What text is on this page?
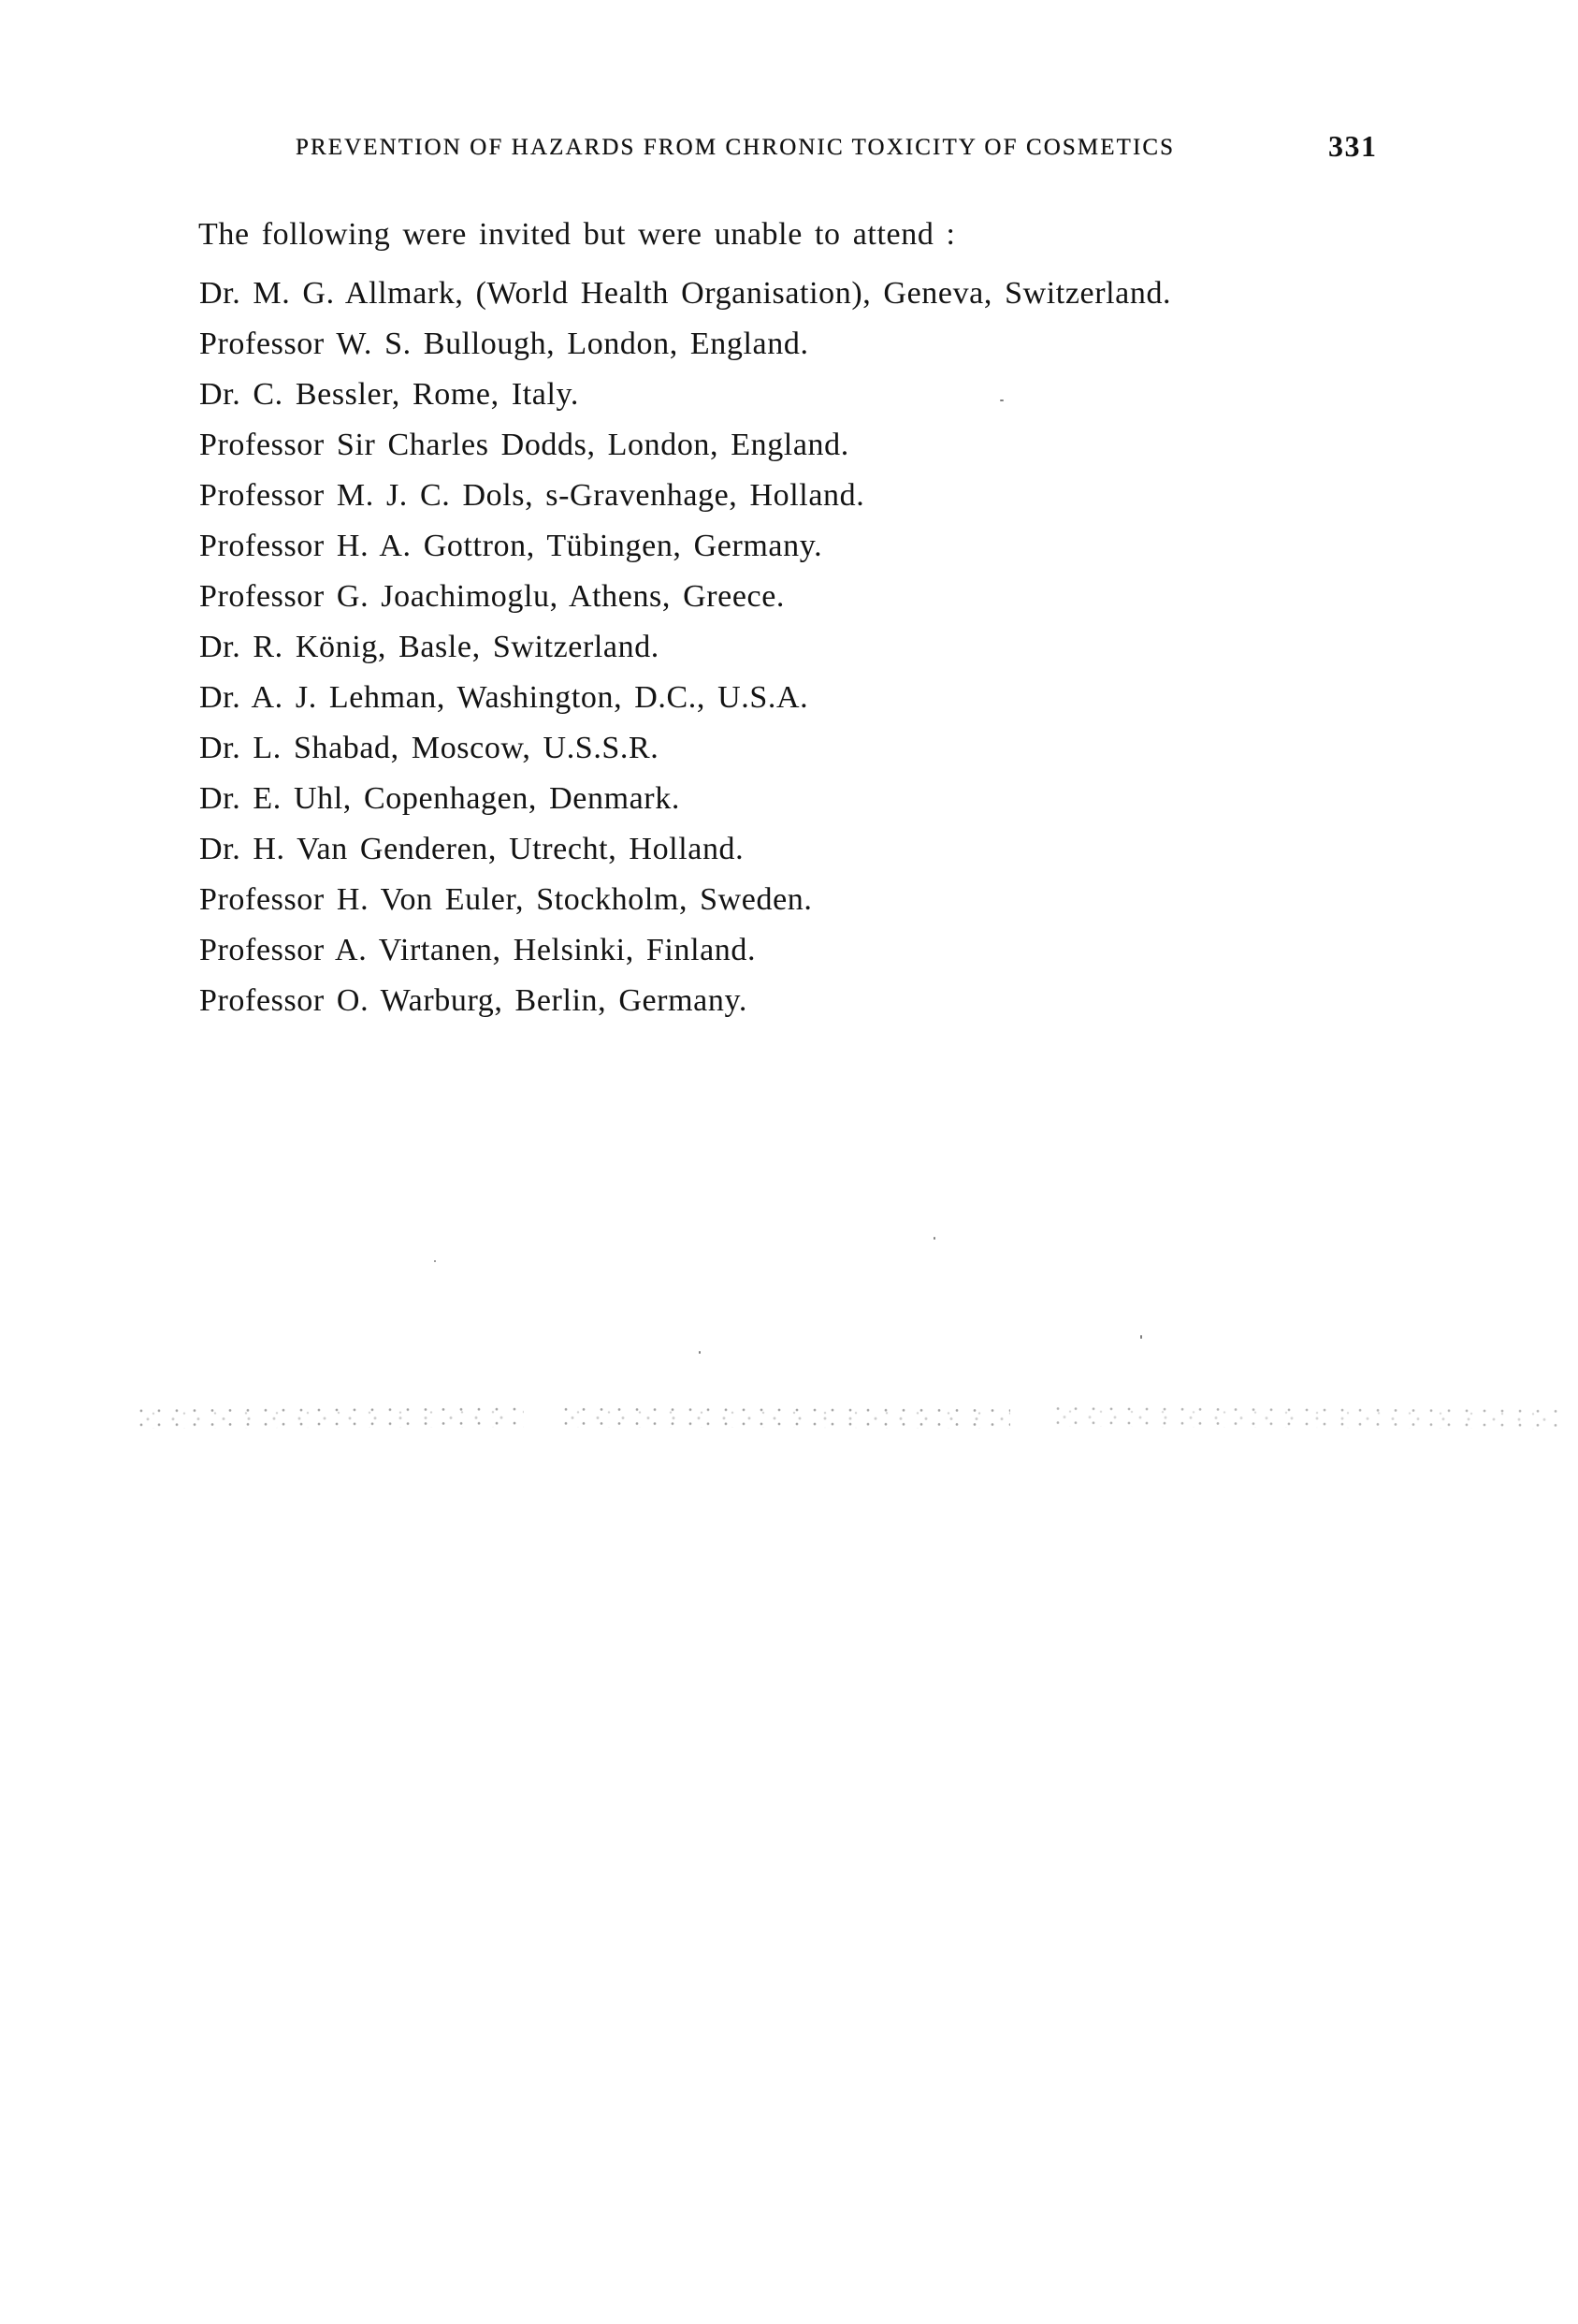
PREVENTION OF HAZARDS FROM CHRONIC TOXICITY OF COSMETICS	331
The following were invited but were unable to attend :
Dr. M. G. Allmark, (World Health Organisation), Geneva, Switzerland.
Professor W. S. Bullough, London, England.
Dr. C. Bessler, Rome, Italy.
Professor Sir Charles Dodds, London, England.
Professor M. J. C. Dols, s-Gravenhage, Holland.
Professor H. A. Gottron, Tübingen, Germany.
Professor G. Joachimoglu, Athens, Greece.
Dr. R. König, Basle, Switzerland.
Dr. A. J. Lehman, Washington, D.C., U.S.A.
Dr. L. Shabad, Moscow, U.S.S.R.
Dr. E. Uhl, Copenhagen, Denmark.
Dr. H. Van Genderen, Utrecht, Holland.
Professor H. Von Euler, Stockholm, Sweden.
Professor A. Virtanen, Helsinki, Finland.
Professor O. Warburg, Berlin, Germany.
